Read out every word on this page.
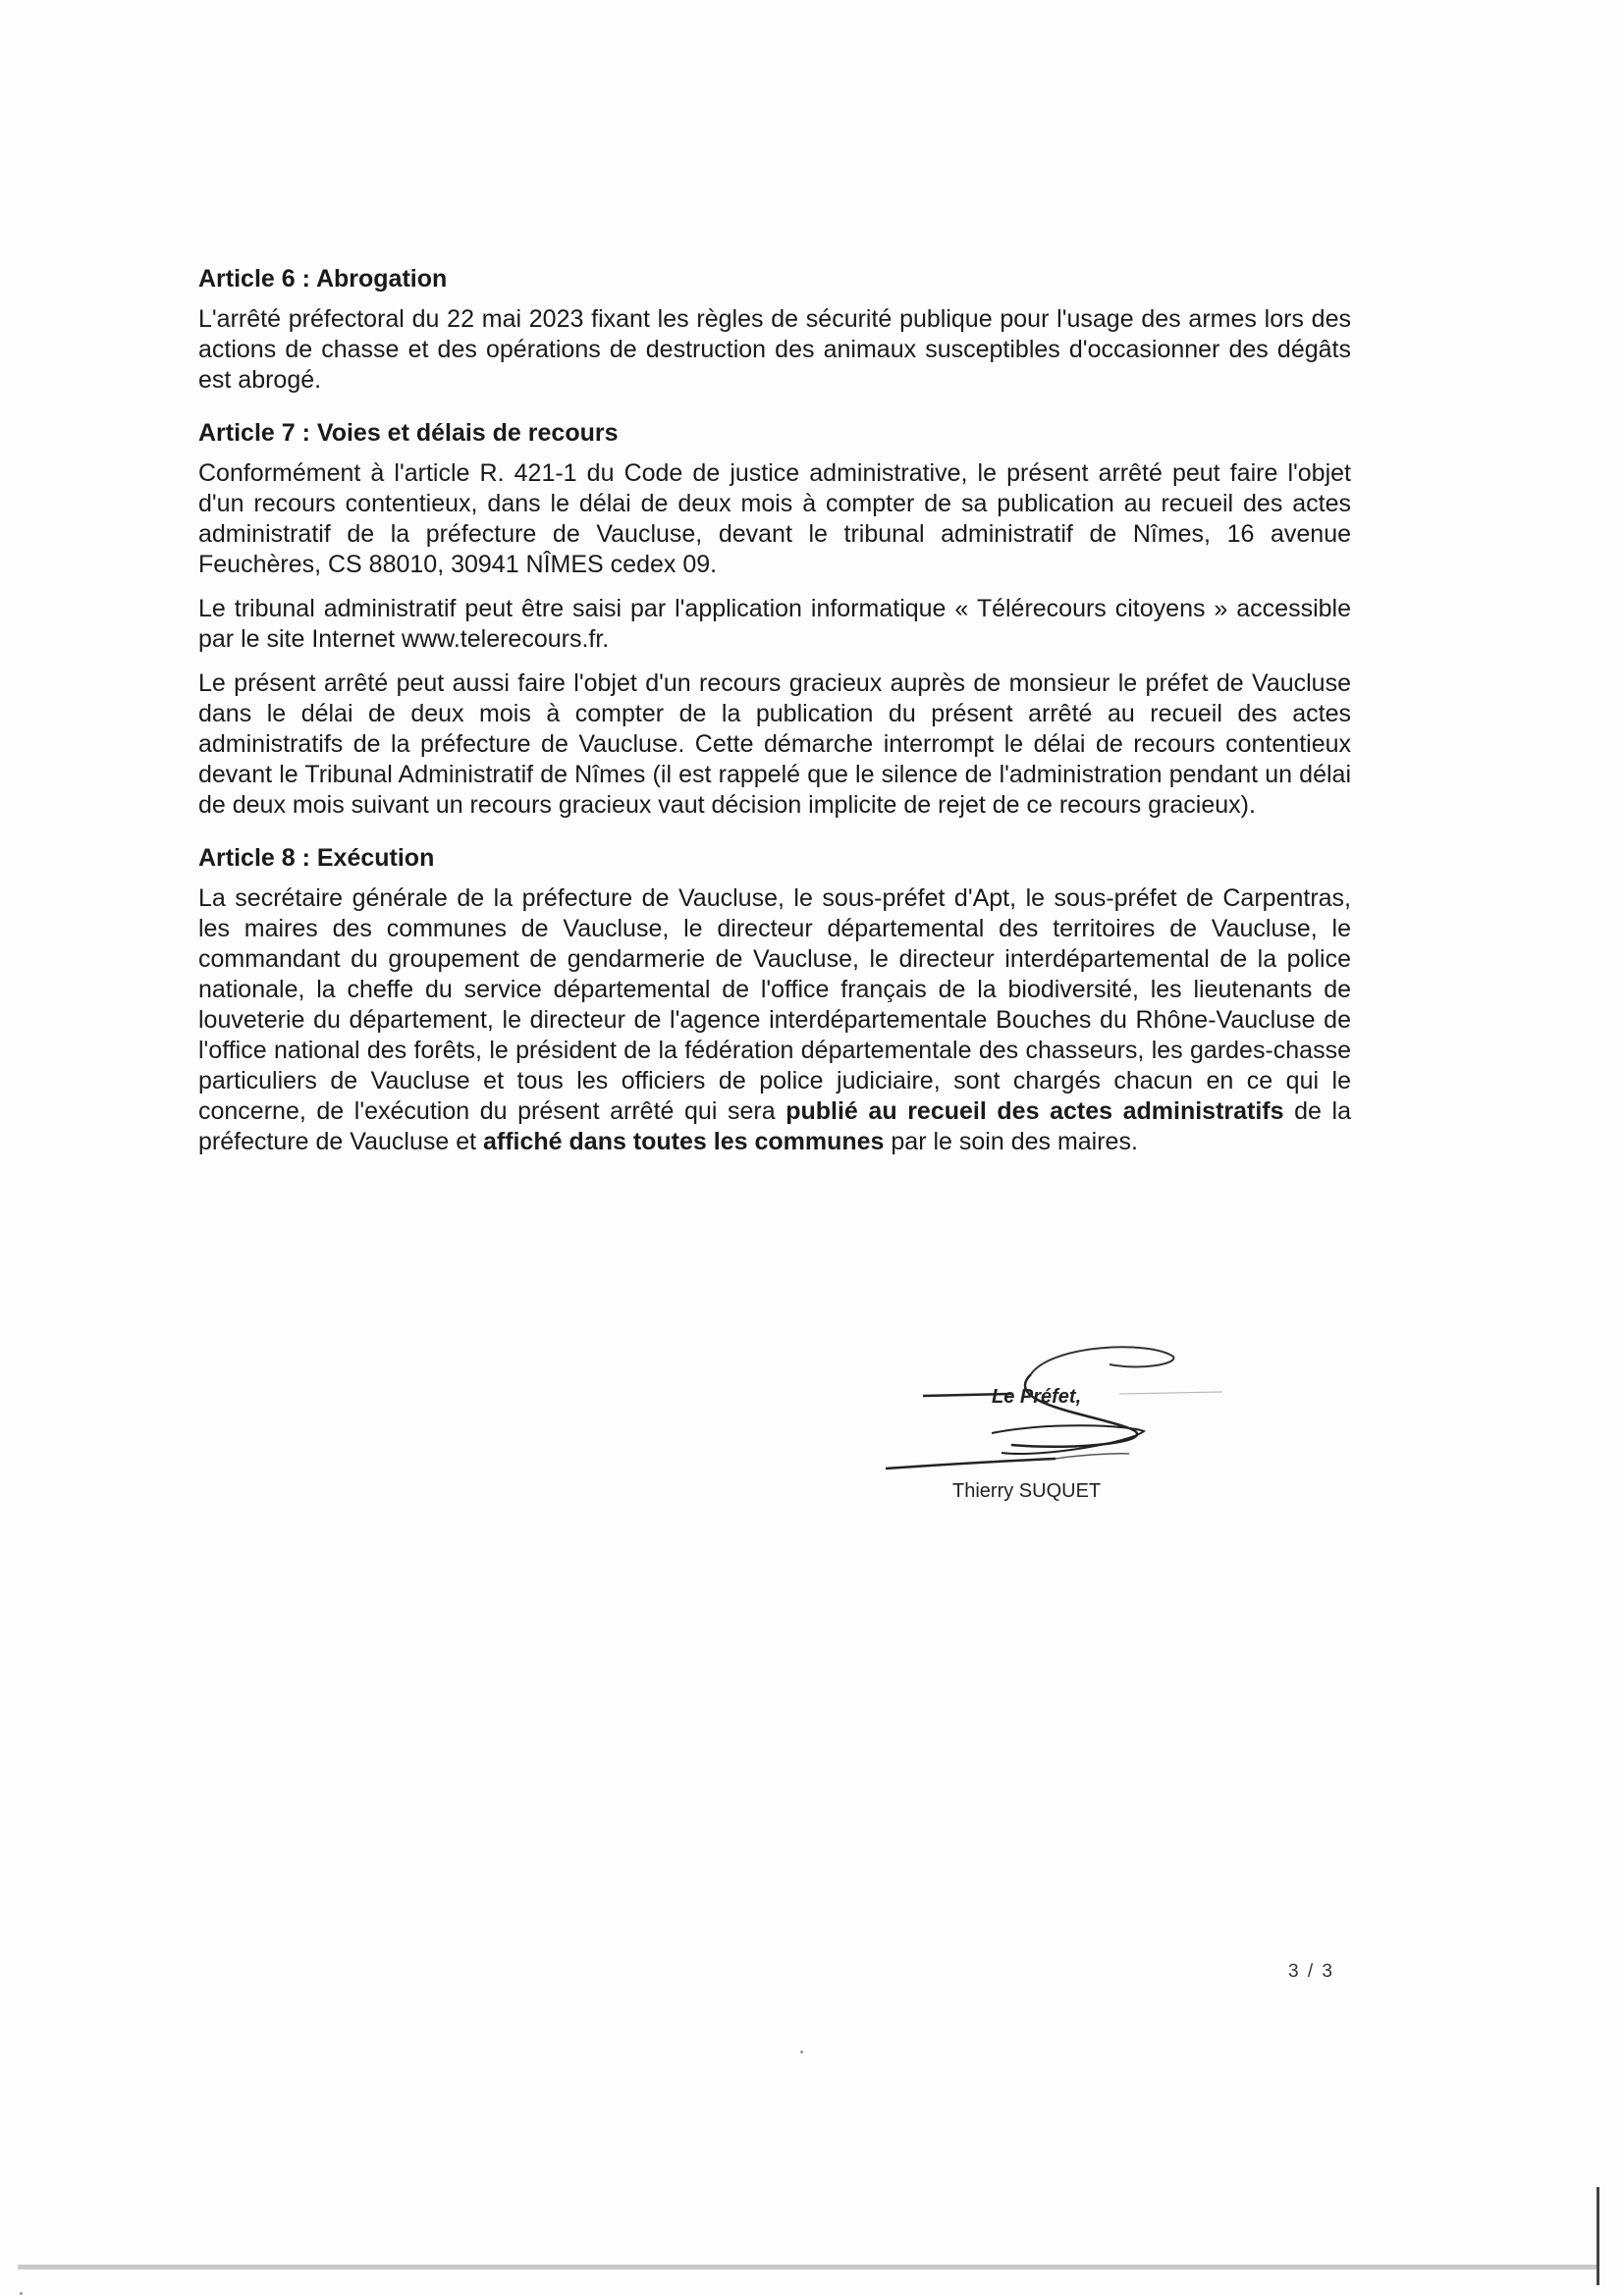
Article 6 : Abrogation

L'arrêté préfectoral du 22 mai 2023 fixant les règles de sécurité publique pour l'usage des armes lors des actions de chasse et des opérations de destruction des animaux susceptibles d'occasionner des dégâts est abrogé.

Article 7 : Voies et délais de recours

Conformément à l'article R. 421-1 du Code de justice administrative, le présent arrêté peut faire l'objet d'un recours contentieux, dans le délai de deux mois à compter de sa publication au recueil des actes administratif de la préfecture de Vaucluse, devant le tribunal administratif de Nîmes, 16 avenue Feuchères, CS 88010, 30941 NÎMES cedex 09.

Le tribunal administratif peut être saisi par l'application informatique « Télérecours citoyens » accessible par le site Internet www.telerecours.fr.

Le présent arrêté peut aussi faire l'objet d'un recours gracieux auprès de monsieur le préfet de Vaucluse dans le délai de deux mois à compter de la publication du présent arrêté au recueil des actes administratifs de la préfecture de Vaucluse. Cette démarche interrompt le délai de recours contentieux devant le Tribunal Administratif de Nîmes (il est rappelé que le silence de l'administration pendant un délai de deux mois suivant un recours gracieux vaut décision implicite de rejet de ce recours gracieux).

Article 8 : Exécution

La secrétaire générale de la préfecture de Vaucluse, le sous-préfet d'Apt, le sous-préfet de Carpentras, les maires des communes de Vaucluse, le directeur départemental des territoires de Vaucluse, le commandant du groupement de gendarmerie de Vaucluse, le directeur interdépartemental de la police nationale, la cheffe du service départemental de l'office français de la biodiversité, les lieutenants de louveterie du département, le directeur de l'agence interdépartementale Bouches du Rhône-Vaucluse de l'office national des forêts, le président de la fédération départementale des chasseurs, les gardes-chasse particuliers de Vaucluse et tous les officiers de police judiciaire, sont chargés chacun en ce qui le concerne, de l'exécution du présent arrêté qui sera publié au recueil des actes administratifs de la préfecture de Vaucluse et affiché dans toutes les communes par le soin des maires.

Le Préfet,
Thierry SUQUET
3 / 3
